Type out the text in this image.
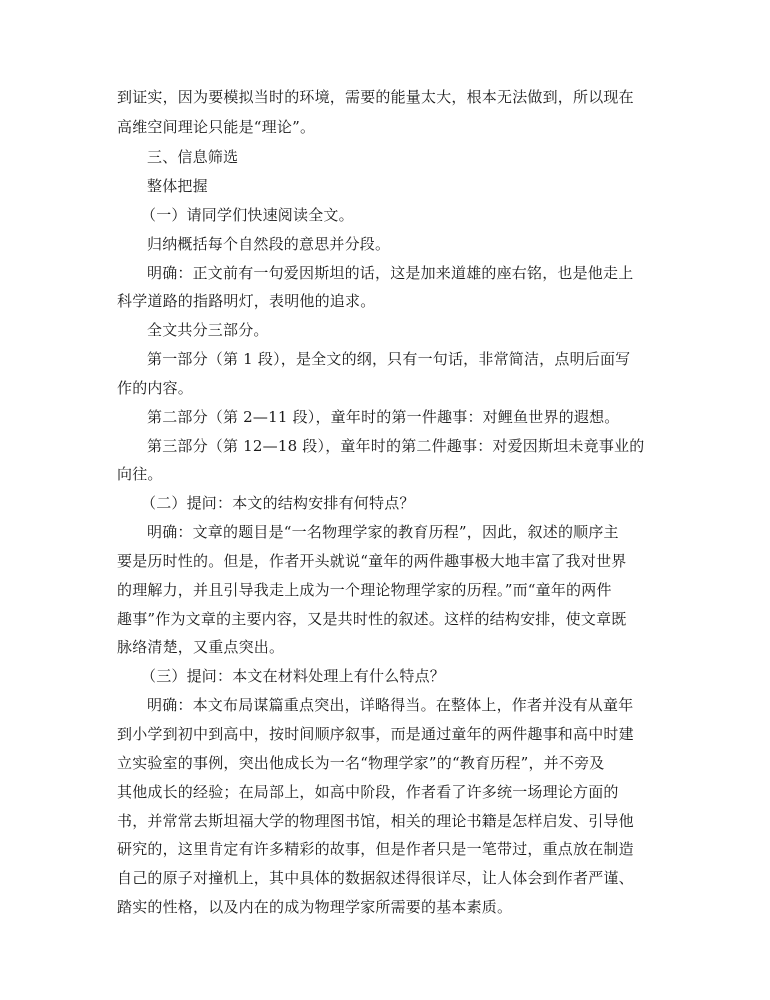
到证实，因为要模拟当时的环境，需要的能量太大，根本无法做到，所以现在
高维空间理论只能是“理论”。
三、信息筛选
整体把握
（一）请同学们快速阅读全文。
归纳概括每个自然段的意思并分段。
明确：正文前有一句爱因斯坦的话，这是加来道雄的座右铭，也是他走上
科学道路的指路明灯，表明他的追求。
全文共分三部分。
第一部分（第 1 段），是全文的纲，只有一句话，非常简洁，点明后面写
作的内容。
第二部分（第 2—11 段），童年时的第一件趣事：对鲤鱼世界的遐想。
第三部分（第 12—18 段），童年时的第二件趣事：对爱因斯坦未竟事业的
向往。
（二）提问：本文的结构安排有何特点？
明确：文章的题目是“一名物理学家的教育历程”，因此，叙述的顺序主
要是历时性的。但是，作者开头就说“童年的两件趣事极大地丰富了我对世界
的理解力，并且引导我走上成为一个理论物理学家的历程。”而“童年的两件
趣事”作为文章的主要内容，又是共时性的叙述。这样的结构安排，使文章既
脉络清楚，又重点突出。
（三）提问：本文在材料处理上有什么特点？
明确：本文布局谋篇重点突出，详略得当。在整体上，作者并没有从童年
到小学到初中到高中，按时间顺序叙事，而是通过童年的两件趣事和高中时建
立实验室的事例，突出他成长为一名“物理学家”的“教育历程”，并不旁及
其他成长的经验；在局部上，如高中阶段，作者看了许多统一场理论方面的
书，并常常去斯坦福大学的物理图书馆，相关的理论书籍是怎样启发、引导他
研究的，这里肯定有许多精彩的故事，但是作者只是一笔带过，重点放在制造
自己的原子对撞机上，其中具体的数据叙述得很详尽，让人体会到作者严谨、
踏实的性格，以及内在的成为物理学家所需要的基本素质。
